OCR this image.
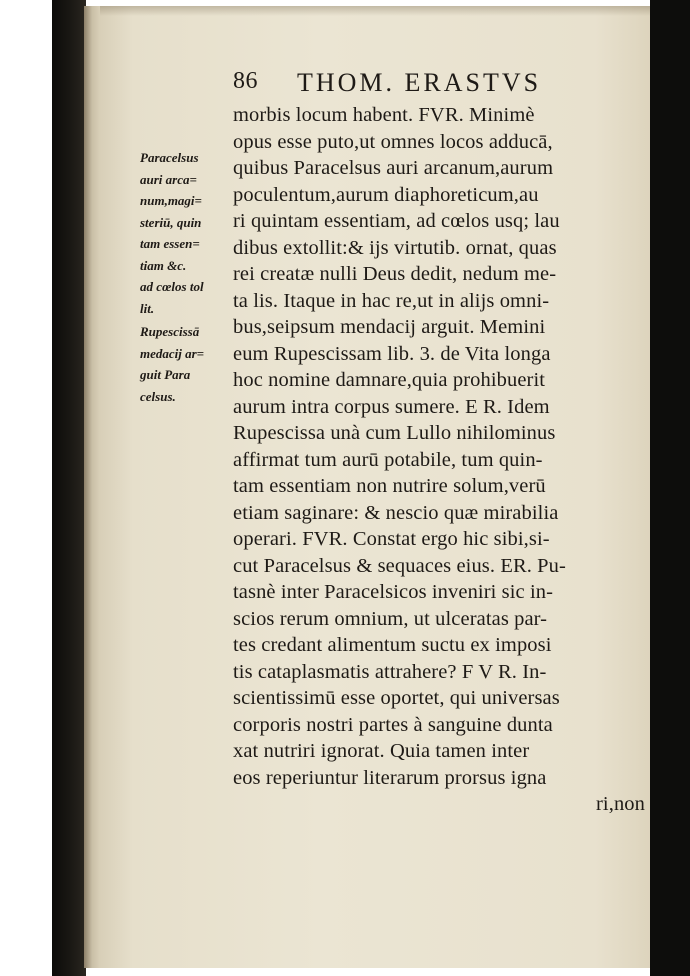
86 THOM. ERASTVS
Paracelsus
auri arca=
num,magi=
steriū, quin
tam essen=
tiam &c.
ad cœlos tol
lit.
Rupescissā
medacij ar=
guit Para
celsus.
morbis locum habent. FVR. Minimè
opus esse puto,ut omnes locos adducā,
quibus Paracelsus auri arcanum,aurum
poculentum,aurum diaphoreticum,au
ri quintam essentiam, ad cœlos usq; lau
dibus extollit:& ijs virtutib. ornat, quas
rei creatæ nulli Deus dedit, nedum me-
ta lis. Itaque in hac re,ut in alijs omni-
bus,seipsum mendacij arguit. Memini
eum Rupescissam lib. 3. de Vita longa
hoc nomine damnare,quia prohibuerit
aurum intra corpus sumere. E R. Idem
Rupescissa unà cum Lullo nihilominus
affirmat tum aurū potabile, tum quin-
tam essentiam non nutrire solum,verū
etiam saginare: & nescio quæ mirabilia
operari. FVR. Constat ergo hic sibi,si-
cut Paracelsus & sequaces eius. ER. Pu-
tasnè inter Paracelsicos inveniri sic in-
scios rerum omnium, ut ulceratas par-
tes credant alimentum suctu ex imposi
tis cataplasmatis attrahere? F V R. In-
scientissimū esse oportet, qui universas
corporis nostri partes à sanguine dunta
xat nutriri ignorat. Quia tamen inter
eos reperiuntur literarum prorsus igna
ri,non
